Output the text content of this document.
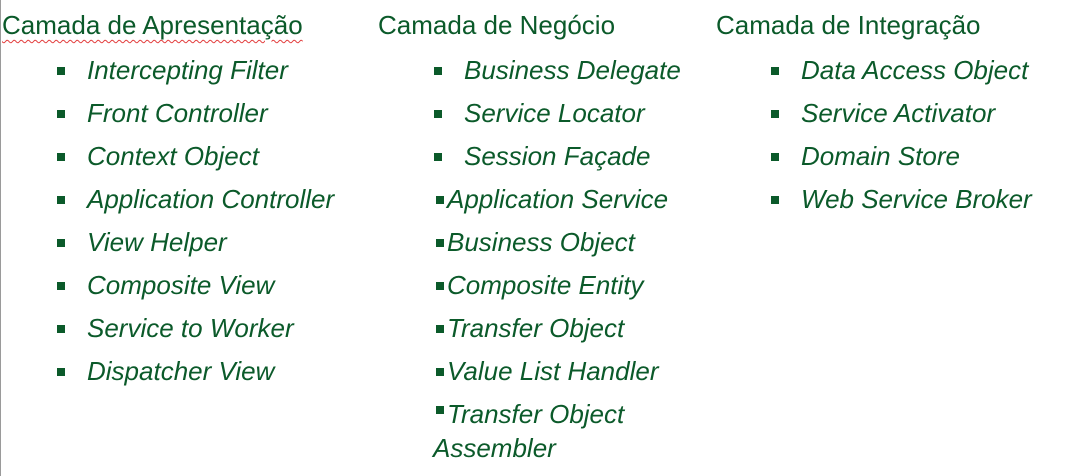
Camada de Apresentação	Camada de Negócio	Camada de Integração
Intercepting Filter
Front Controller
Context Object
Application Controller
View Helper
Composite View
Service to Worker
Dispatcher View
Business Delegate
Service Locator
Session Façade
Application Service
Business Object
Composite Entity
Transfer Object
Value List Handler
Transfer Object Assembler
Data Access Object
Service Activator
Domain Store
Web Service Broker
